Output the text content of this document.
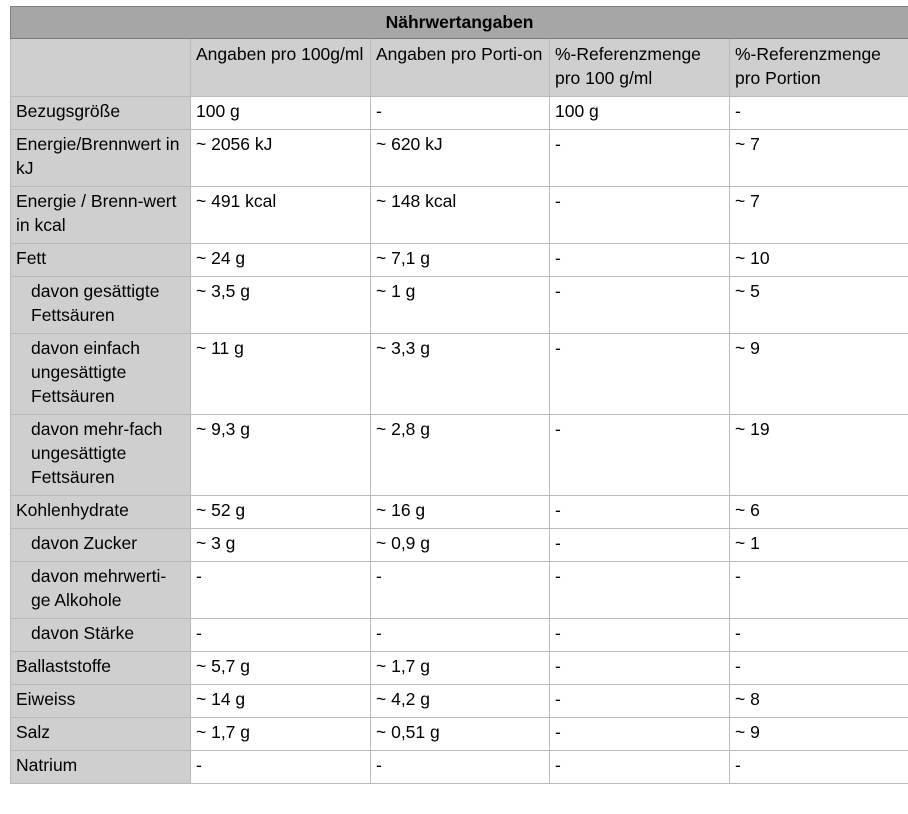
Nährwertangaben				
	Angaben pro 100g/ml	Angaben pro Porti-on	%-Referenzmenge pro 100 g/ml	%-Referenzmenge pro Portion
Bezugsgröße	100 g	-	100 g	-
Energie/Brennwert in kJ	~ 2056 kJ	~ 620 kJ	-	~ 7
Energie / Brenn-wert in kcal	~ 491 kcal	~ 148 kcal	-	~ 7
Fett	~ 24 g	~ 7,1 g	-	~ 10
davon gesättigte Fettsäuren	~ 3,5 g	~ 1 g	-	~ 5
davon einfach ungesättigte Fettsäuren	~ 11 g	~ 3,3 g	-	~ 9
davon mehr-fach ungesättigte Fettsäuren	~ 9,3 g	~ 2,8 g	-	~ 19
Kohlenhydrate	~ 52 g	~ 16 g	-	~ 6
davon Zucker	~ 3 g	~ 0,9 g	-	~ 1
davon mehrwerti-ge Alkohole	-	-	-	-
davon Stärke	-	-	-	-
Ballaststoffe	~ 5,7 g	~ 1,7 g	-	-
Eiweiss	~ 14 g	~ 4,2 g	-	~ 8
Salz	~ 1,7 g	~ 0,51 g	-	~ 9
Natrium	-	-	-	-
